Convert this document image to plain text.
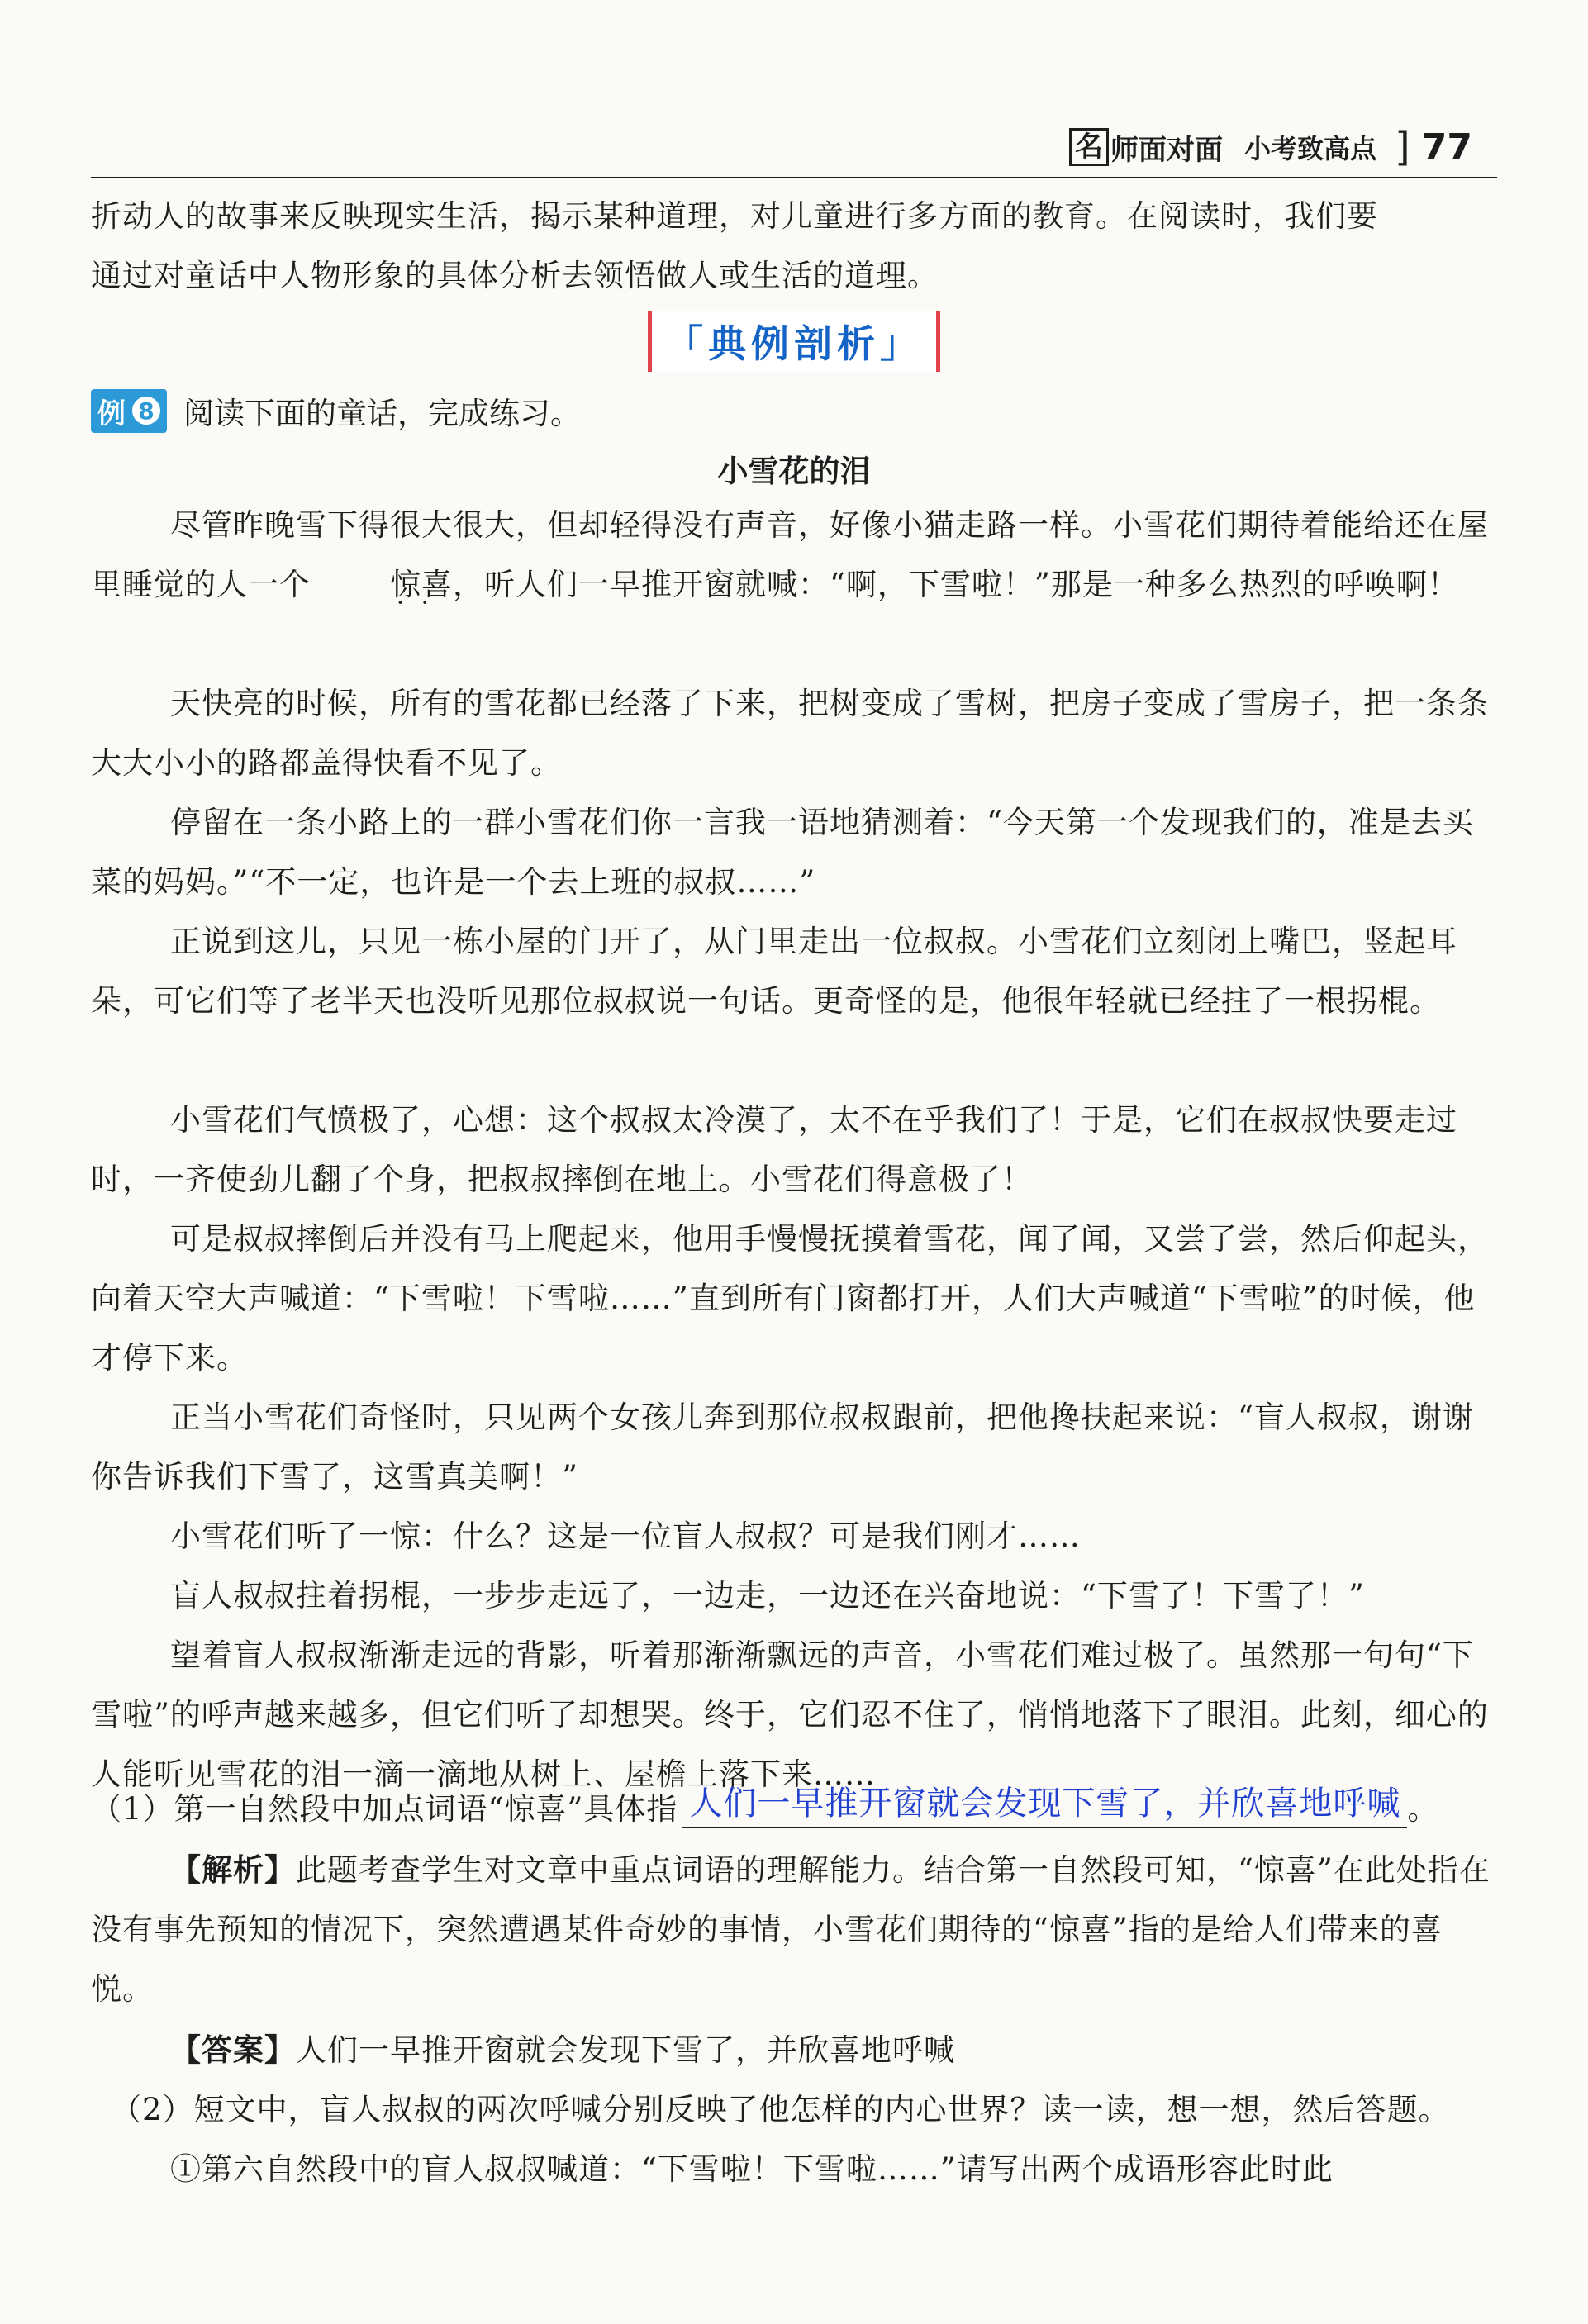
名 师面对面 小考致高点 ] 77

折动人的故事来反映现实生活，揭示某种道理，对儿童进行多方面的教育。在阅读时，我们要

通过对童话中人物形象的具体分析去领悟做人或生活的道理。

「典例剖析」
例 8 阅读下面的童话，完成练习。
小雪花的泪

尽管昨晚雪下得很大很大，但却轻得没有声音，好像小猫走路一样。小雪花们期待着能给还在屋里睡觉的人一个	惊喜 · ·，听人们一早推开窗就喊：“啊，下雪啦！”那是一种多么热烈的呼唤啊！

天快亮的时候，所有的雪花都已经落了下来，把树变成了雪树，把房子变成了雪房子，把一条条大大小小的路都盖得快看不见了。

停留在一条小路上的一群小雪花们你一言我一语地猜测着：“今天第一个发现我们的，准是去买菜的妈妈。”“不一定，也许是一个去上班的叔叔……”

正说到这儿，只见一栋小屋的门开了，从门里走出一位叔叔。小雪花们立刻闭上嘴巴，竖起耳朵，可它们等了老半天也没听见那位叔叔说一句话。更奇怪的是，他很年轻就已经拄了一根拐棍。

小雪花们气愤极了，心想：这个叔叔太冷漠了，太不在乎我们了！于是，它们在叔叔快要走过时，一齐使劲儿翻了个身，把叔叔摔倒在地上。小雪花们得意极了！

可是叔叔摔倒后并没有马上爬起来，他用手慢慢抚摸着雪花，闻了闻，又尝了尝，然后仰起头，向着天空大声喊道：“下雪啦！下雪啦……”直到所有门窗都打开，人们大声喊道“下雪啦”的时候，他才停下来。

正当小雪花们奇怪时，只见两个女孩儿奔到那位叔叔跟前，把他搀扶起来说：“盲人叔叔，谢谢你告诉我们下雪了，这雪真美啊！”

小雪花们听了一惊：什么？这是一位盲人叔叔？可是我们刚才……

盲人叔叔拄着拐棍，一步步走远了，一边走，一边还在兴奋地说：“下雪了！下雪了！”

望着盲人叔叔渐渐走远的背影，听着那渐渐飘远的声音，小雪花们难过极了。虽然那一句句“下雪啦”的呼声越来越多，但它们听了却想哭。终于，它们忍不住了，悄悄地落下了眼泪。此刻，细心的人能听见雪花的泪一滴一滴地从树上、屋檐上落下来……

（1）第一自然段中加点词语“惊喜”具体指 人们一早推开窗就会发现下雪了，并欣喜地呼喊 。

【解析】此题考查学生对文章中重点词语的理解能力。结合第一自然段可知，“惊喜”在此处指在没有事先预知的情况下，突然遭遇某件奇妙的事情，小雪花们期待的“惊喜”指的是给人们带来的喜悦。

【答案】人们一早推开窗就会发现下雪了，并欣喜地呼喊

（2）短文中，盲人叔叔的两次呼喊分别反映了他怎样的内心世界？读一读，想一想，然后答题。

①第六自然段中的盲人叔叔喊道：“下雪啦！下雪啦……”请写出两个成语形容此时此
